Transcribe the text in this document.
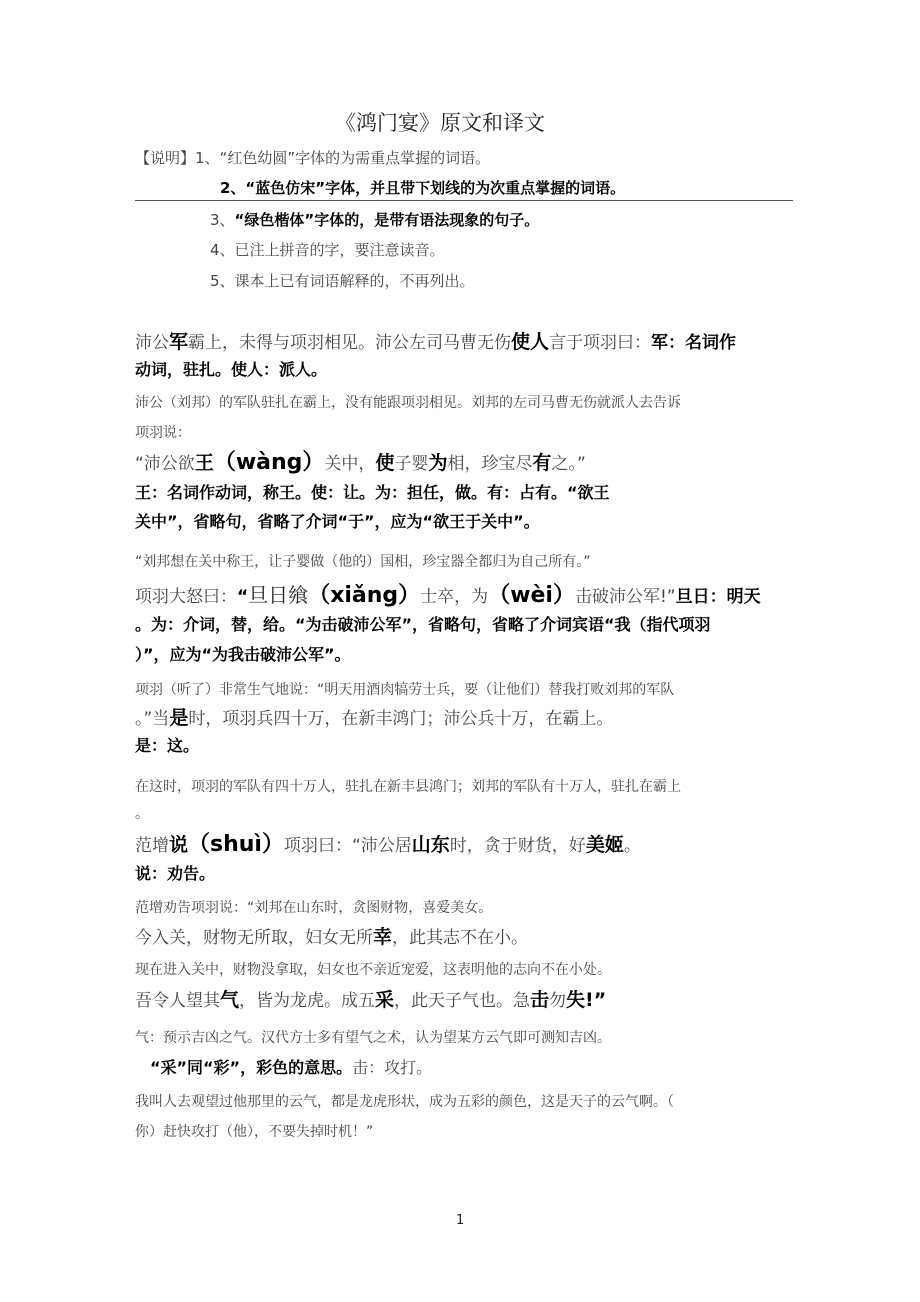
《鸿门宴》原文和译文
【说明】1、“红色幼圆”字体的为需重点掌握的词语。
2、“蓝色仿宋”字体，并且带下划线的为次重点掌握的词语。
3、“绿色楷体”字体的，是带有语法现象的句子。
4、已注上拼音的字，要注意读音。
5、课本上已有词语解释的，不再列出。
沛公军霸上，未得与项羽相见。沛公左司马曹无伤使人言于项羽曰：军：名词作
动词，驻扎。使人：派人。
沛公（刘邦）的军队驻扎在霸上，没有能跟项羽相见。刘邦的左司马曹无伤就派人去告诉
项羽说：
“沛公欲王（wàng）关中，使子婴为相，珍宝尽有之。”
王：名词作动词，称王。使：让。为：担任，做。有：占有。“欲王
关中”，省略句，省略了介词“于”，应为“欲王于关中”。
“刘邦想在关中称王，让子婴做（他的）国相，珍宝器全都归为自己所有。”
项羽大怒曰：“旦日飨（xiǎng）士卒，为（wèi）击破沛公军!”旦日：明天
。为：介词，替，给。“为击破沛公军”，省略句，省略了介词宾语“我（指代项羽
）”，应为“为我击破沛公军”。
项羽（听了）非常生气地说：“明天用酒肉犒劳士兵，要（让他们）替我打败刘邦的军队
。”当是时，项羽兵四十万，在新丰鸿门；沛公兵十万，在霸上。
是：这。
在这时，项羽的军队有四十万人，驻扎在新丰县鸿门；刘邦的军队有十万人，驻扎在霸上
。
范增说（shuì）项羽曰：“沛公居山东时，贪于财货，好美姬。
说：劝告。
范增劝告项羽说：“刘邦在山东时，贪图财物，喜爱美女。
今入关，财物无所取，妇女无所幸，此其志不在小。
现在进入关中，财物没拿取，妇女也不亲近宠爱，这表明他的志向不在小处。
吾令人望其气，皆为龙虎。成五采，此天子气也。急击勿失!”
气：预示吉凶之气。汉代方士多有望气之术，认为望某方云气即可测知吉凶。
“采”同“彩”，彩色的意思。击：攻打。
我叫人去观望过他那里的云气，都是龙虎形状，成为五彩的颜色，这是天子的云气啊。（
你）赶快攻打（他），不要失掉时机！”
1
